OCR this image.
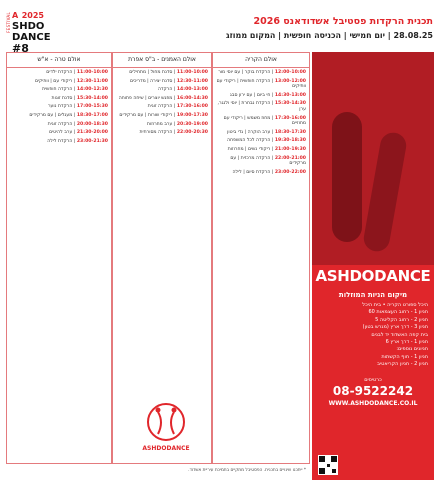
FESTIVAL A 2025
SHDO
DANCE #8
תכנית הרקדות פסטיבל אשדודאנס 2026
28.08.25 | יום חמישי | הכניסה חופשית | המקום ממוזג
אולם הקריה
12:00-10:00 | הרקדת בוקר | עם יוסי מור
13:00-12:00 | הרקדה חופשית | ריקודי עם וותיקים
14:30-13:00 | חי ביום | עם ירון סבג
15:30-14:30 | הרקדת נבחרת | יוסי ולנגר, ערן
17:30-16:00 | מחוז משמש | ריקודי עם מחוזיים
18:30-17:30 | ערב הוקרה | גדי ביטון
19:30-18:30 | הרקדה לכל המשפחה
21:00-19:30 | ריקודי נשים | מחרוזות
22:00-21:00 | הרקדה מרכזית | עם מרקידים
23:00-22:00 | הרקדת סיום | לילה
אולם האמנים - ב"ס אפרת
11:00-10:00 | סדנת מחול | מתחילים
12:30-11:00 | סדנת יצירה | מדריכים
14:00-13:00 | הרקדה
16:00-14:30 | מפגש יוצרים | שיחה פתוחה
17:30-16:00 | הרקדה זוגית
19:00-17:30 | ריקודי שורות | עם מרקידים
20:30-19:00 | ערב מחרוזות
22:00-20:30 | הרקדה מסורתית
אולם טרה - א"ש
11:00-10:00 | הרקדת ילדים
12:30-11:00 | ריקודי עם | וותיקים
14:00-12:30 | הרקדה חופשית
15:30-14:00 | סדנת זוגות
17:00-15:30 | הרקדת נוער
18:30-17:00 | מעגלים | עם מרקידים
20:00-18:30 | הרקדה זוגית
21:30-20:00 | ערב להיטים
23:00-21:30 | הרקדת לילה
ASHDODANCE
ASHDODANCE
מיקום הניות המוזלות
היכל ספורט הקריה • בית היכל
חניון 1 - רחוב העצמאות 60
חניון 2 - רחוב הקליטה 5
חניון 3 - דרך ארץ (מגרש בטון)
בית קפה האשדוד יד לבנים
חניון 1 - דרך ארץ 6
חניונים נוספים:
חניון 1 - חוף הקשתות
חניון 2 - חניון הקריאטיב
כרטיסים
08-9522242
WWW.ASHDODANCE.CO.IL
* ייתכנו שינויים בתכנית. הפסטיבל מתקיים בתמיכת עיריית אשדוד.
